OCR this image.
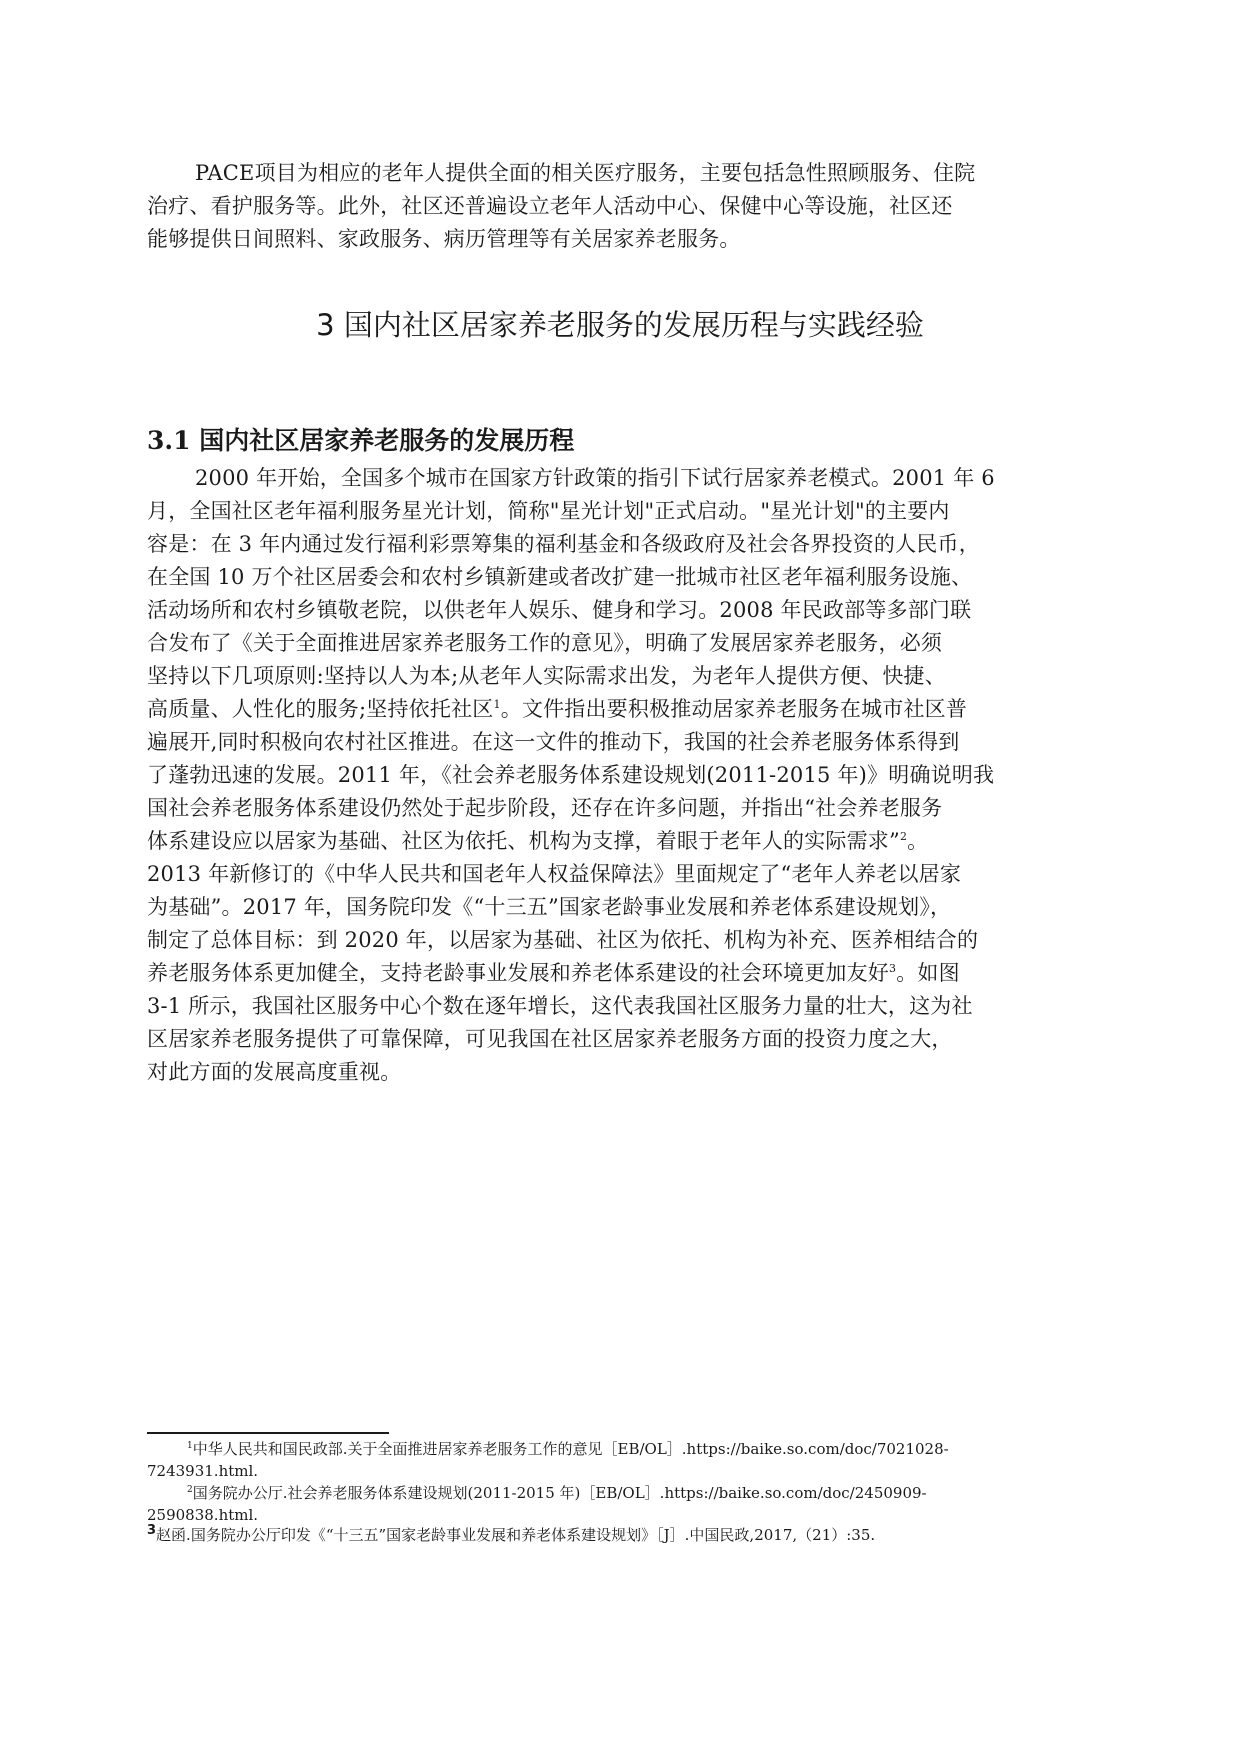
PACE项目为相应的老年人提供全面的相关医疗服务，主要包括急性照顾服务、住院
治疗、看护服务等。此外，社区还普遍设立老年人活动中心、保健中心等设施，社区还
能够提供日间照料、家政服务、病历管理等有关居家养老服务。
3 国内社区居家养老服务的发展历程与实践经验
3.1 国内社区居家养老服务的发展历程
2000 年开始，全国多个城市在国家方针政策的指引下试行居家养老模式。2001 年 6
月，全国社区老年福利服务星光计划，简称"星光计划"正式启动。"星光计划"的主要内
容是：在 3 年内通过发行福利彩票筹集的福利基金和各级政府及社会各界投资的人民币，
在全国 10 万个社区居委会和农村乡镇新建或者改扩建一批城市社区老年福利服务设施、
活动场所和农村乡镇敬老院，以供老年人娱乐、健身和学习。2008 年民政部等多部门联
合发布了《关于全面推进居家养老服务工作的意见》，明确了发展居家养老服务，必须
坚持以下几项原则:坚持以人为本;从老年人实际需求出发，为老年人提供方便、快捷、
高质量、人性化的服务;坚持依托社区$^1$。文件指出要积极推动居家养老服务在城市社区普
遍展开,同时积极向农村社区推进。在这一文件的推动下，我国的社会养老服务体系得到
了蓬勃迅速的发展。2011 年，《社会养老服务体系建设规划(2011-2015 年)》明确说明我
国社会养老服务体系建设仍然处于起步阶段，还存在许多问题，并指出“社会养老服务
体系建设应以居家为基础、社区为依托、机构为支撑，着眼于老年人的实际需求”$^2$。
2013 年新修订的《中华人民共和国老年人权益保障法》里面规定了“老年人养老以居家
为基础”。2017 年，国务院印发《“十三五”国家老龄事业发展和养老体系建设规划》，
制定了总体目标：到 2020 年，以居家为基础、社区为依托、机构为补充、医养相结合的
养老服务体系更加健全，支持老龄事业发展和养老体系建设的社会环境更加友好$^3$。如图
3-1 所示，我国社区服务中心个数在逐年增长，这代表我国社区服务力量的壮大，这为社
区居家养老服务提供了可靠保障，可见我国在社区居家养老服务方面的投资力度之大，
对此方面的发展高度重视。
$^1$中华人民共和国民政部.关于全面推进居家养老服务工作的意见［EB/OL］.https://baike.so.com/doc/7021028-
7243931.html.
$^2$国务院办公厅.社会养老服务体系建设规划(2011-2015 年)［EB/OL］.https://baike.so.com/doc/2450909-
2590838.html.
$^3$赵函.国务院办公厅印发《“十三五”国家老龄事业发展和养老体系建设规划》［J］.中国民政,2017,（21）:35.
